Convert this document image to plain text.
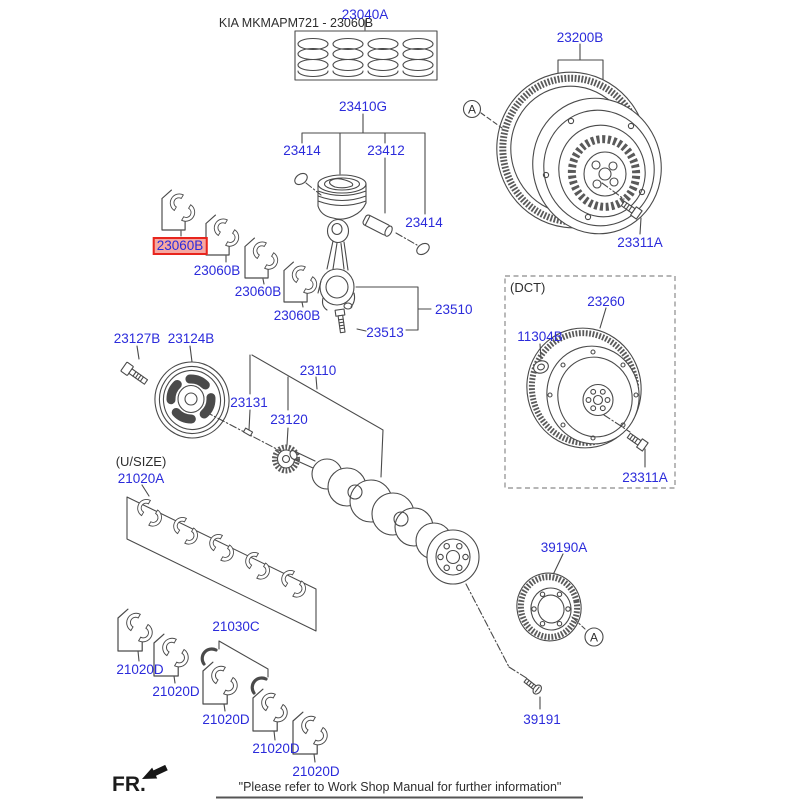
A
A
KIA MKMAPM721 - 23060B
23040A
23410G
23414	23412
23414
23200B
23311A
23060B
23060B
23060B
23060B	23510
23513
(DCT)
23260
11304B
23311A
23127B 23124B
23131
23120
23110
(U/SIZE)
21020A
21030C
21020D
21020D
21020D
21020D
21020D
39190A
39191
FR.	"Please refer to Work Shop Manual for further information"
